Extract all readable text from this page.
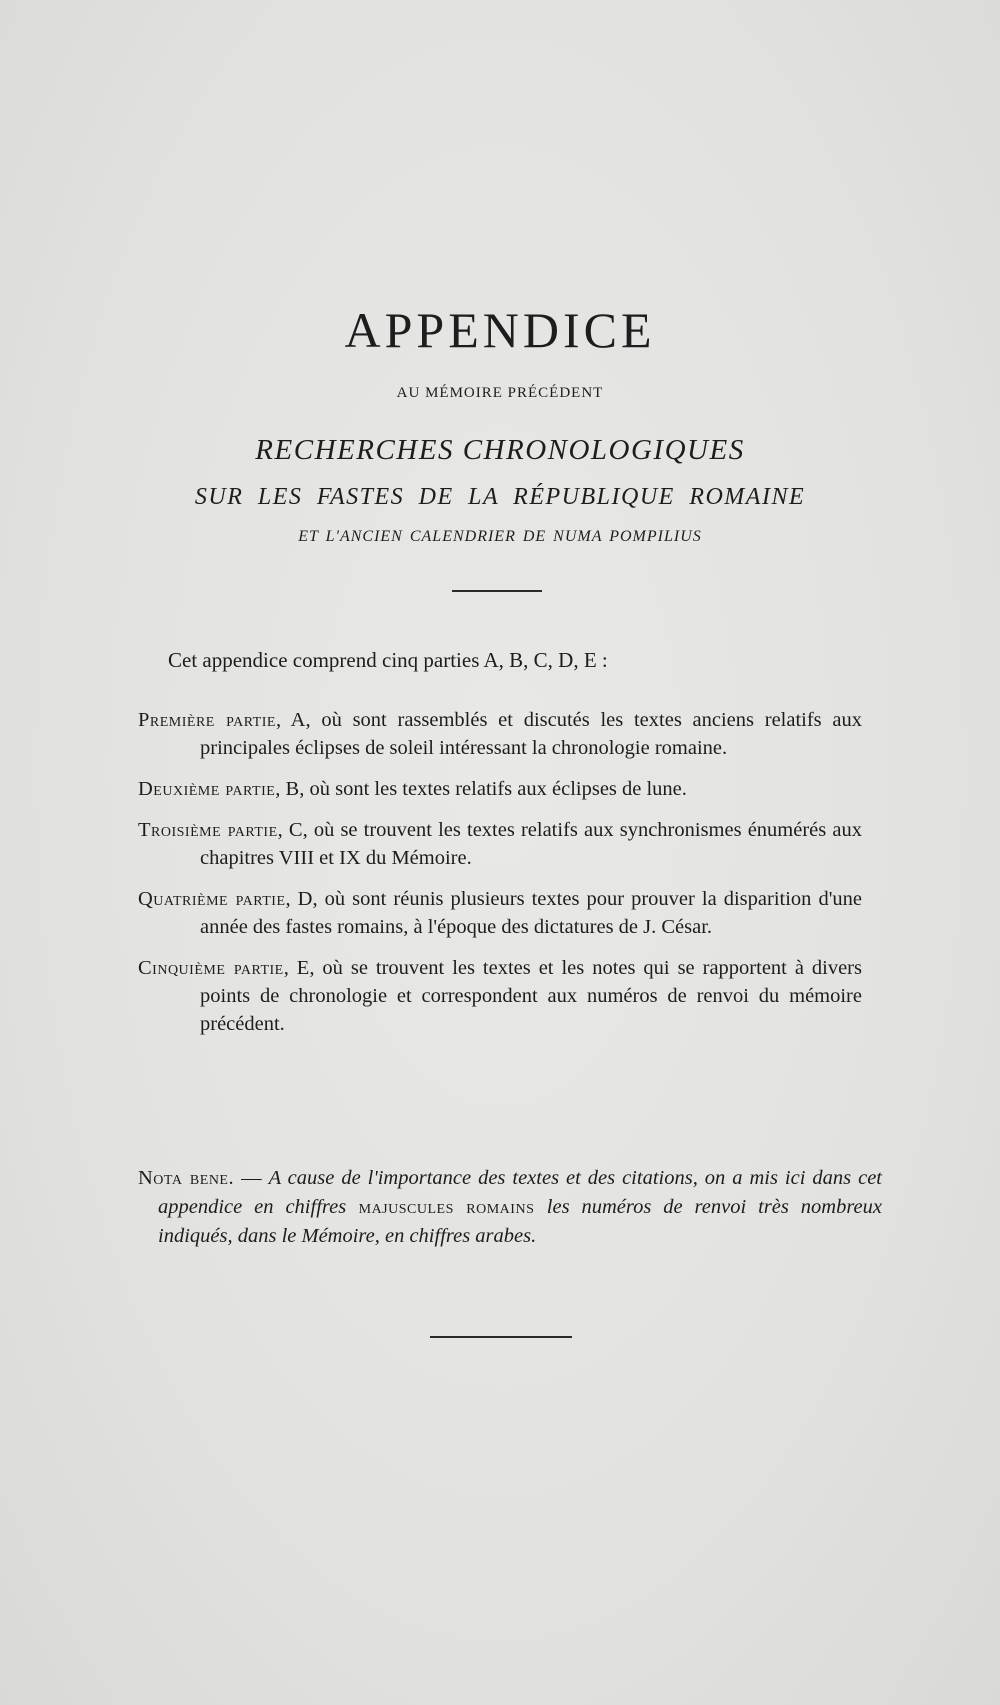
APPENDICE
AU MÉMOIRE PRÉCÉDENT
RECHERCHES CHRONOLOGIQUES
SUR LES FASTES DE LA RÉPUBLIQUE ROMAINE
ET L'ANCIEN CALENDRIER DE NUMA POMPILIUS
Cet appendice comprend cinq parties A, B, C, D, E :
Première partie, A, où sont rassemblés et discutés les textes anciens relatifs aux principales éclipses de soleil intéressant la chronologie romaine.
Deuxième partie, B, où sont les textes relatifs aux éclipses de lune.
Troisième partie, C, où se trouvent les textes relatifs aux synchronismes énumérés aux chapitres VIII et IX du Mémoire.
Quatrième partie, D, où sont réunis plusieurs textes pour prouver la disparition d'une année des fastes romains, à l'époque des dictatures de J. César.
Cinquième partie, E, où se trouvent les textes et les notes qui se rapportent à divers points de chronologie et correspondent aux numéros de renvoi du mémoire précédent.
Nota bene. — A cause de l'importance des textes et des citations, on a mis ici dans cet appendice en chiffres majuscules romains les numéros de renvoi très nombreux indiqués, dans le Mémoire, en chiffres arabes.
